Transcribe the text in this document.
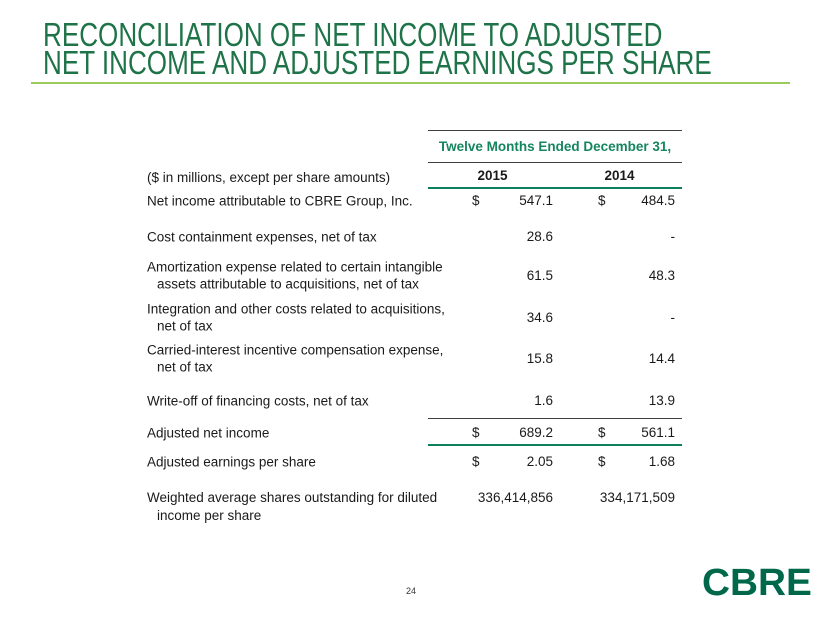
RECONCILIATION OF NET INCOME TO ADJUSTED
NET INCOME AND ADJUSTED EARNINGS PER SHARE
Twelve Months Ended December 31,
2015	2014
($ in millions, except per share amounts)
Net income attributable to CBRE Group, Inc.	$	547.1	$	484.5
Cost containment expenses, net of tax	28.6	-
Amortization expense related to certain intangible
assets attributable to acquisitions, net of tax
61.5	48.3
Integration and other costs related to acquisitions,
net of tax
34.6	-
Carried-interest incentive compensation expense,
net of tax
15.8	14.4
Write-off of financing costs, net of tax	1.6	13.9
Adjusted net income	$	689.2	$	561.1
Adjusted earnings per share	$	2.05	$	1.68
Weighted average shares outstanding for diluted
income per share
336,414,856	334,171,509
24	CBRE
